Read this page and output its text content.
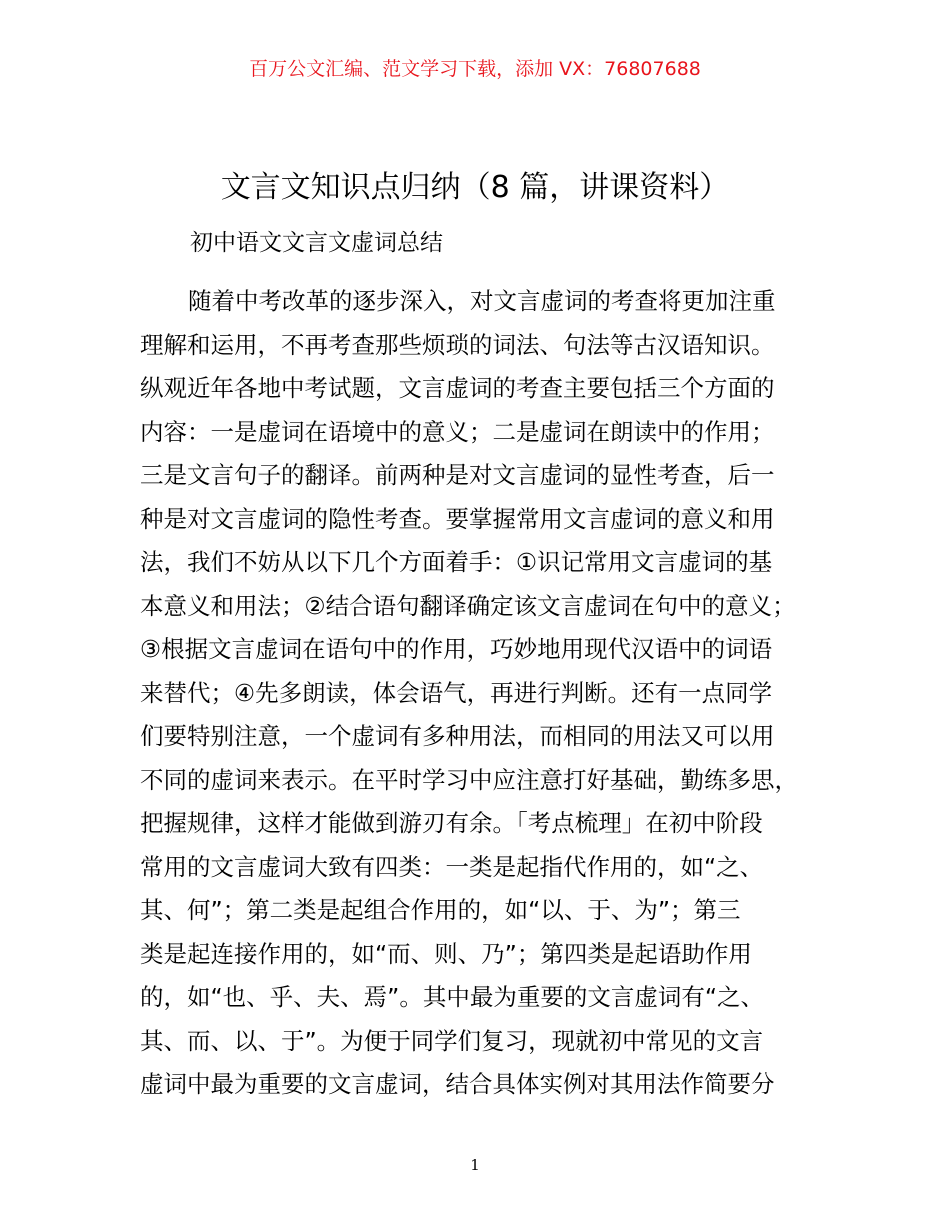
百万公文汇编、范文学习下载，添加 VX：76807688
文言文知识点归纳（8 篇，讲课资料）
初中语文文言文虚词总结
随着中考改革的逐步深入，对文言虚词的考查将更加注重
理解和运用，不再考查那些烦琐的词法、句法等古汉语知识。
纵观近年各地中考试题，文言虚词的考查主要包括三个方面的
内容：一是虚词在语境中的意义；二是虚词在朗读中的作用；
三是文言句子的翻译。前两种是对文言虚词的显性考查，后一
种是对文言虚词的隐性考查。要掌握常用文言虚词的意义和用
法，我们不妨从以下几个方面着手：①识记常用文言虚词的基
本意义和用法；②结合语句翻译确定该文言虚词在句中的意义；
③根据文言虚词在语句中的作用，巧妙地用现代汉语中的词语
来替代；④先多朗读，体会语气，再进行判断。还有一点同学
们要特别注意，一个虚词有多种用法，而相同的用法又可以用
不同的虚词来表示。在平时学习中应注意打好基础，勤练多思，
把握规律，这样才能做到游刃有余。「考点梳理」在初中阶段
常用的文言虚词大致有四类：一类是起指代作用的，如“之、
其、何”；第二类是起组合作用的，如“以、于、为”；第三
类是起连接作用的，如“而、则、乃”；第四类是起语助作用
的，如“也、乎、夫、焉”。其中最为重要的文言虚词有“之、
其、而、以、于”。为便于同学们复习，现就初中常见的文言
虚词中最为重要的文言虚词，结合具体实例对其用法作简要分
1
